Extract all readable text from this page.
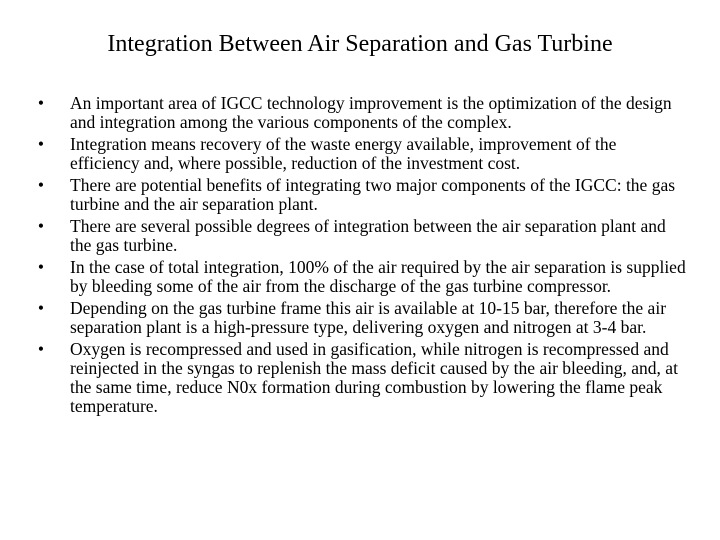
Integration Between Air Separation and Gas Turbine
• An important area of IGCC technology improvement is the optimization of the design and integration among the various components of the complex.
• Integration means recovery of the waste energy available, improvement of the efficiency and, where possible, reduction of the investment cost.
• There are potential benefits of integrating two major components of the IGCC: the gas turbine and the air separation plant.
• There are several possible degrees of integration between the air separation plant and the gas turbine.
• In the case of total integration, 100% of the air required by the air separation is supplied by bleeding some of the air from the discharge of the gas turbine compressor.
• Depending on the gas turbine frame this air is available at 10-15 bar, therefore the air separation plant is a high-pressure type, delivering oxygen and nitrogen at 3-4 bar.
• Oxygen is recompressed and used in gasification, while nitrogen is recompressed and reinjected in the syngas to replenish the mass deficit caused by the air bleeding, and, at the same time, reduce N0x formation during combustion by lowering the flame peak temperature.
